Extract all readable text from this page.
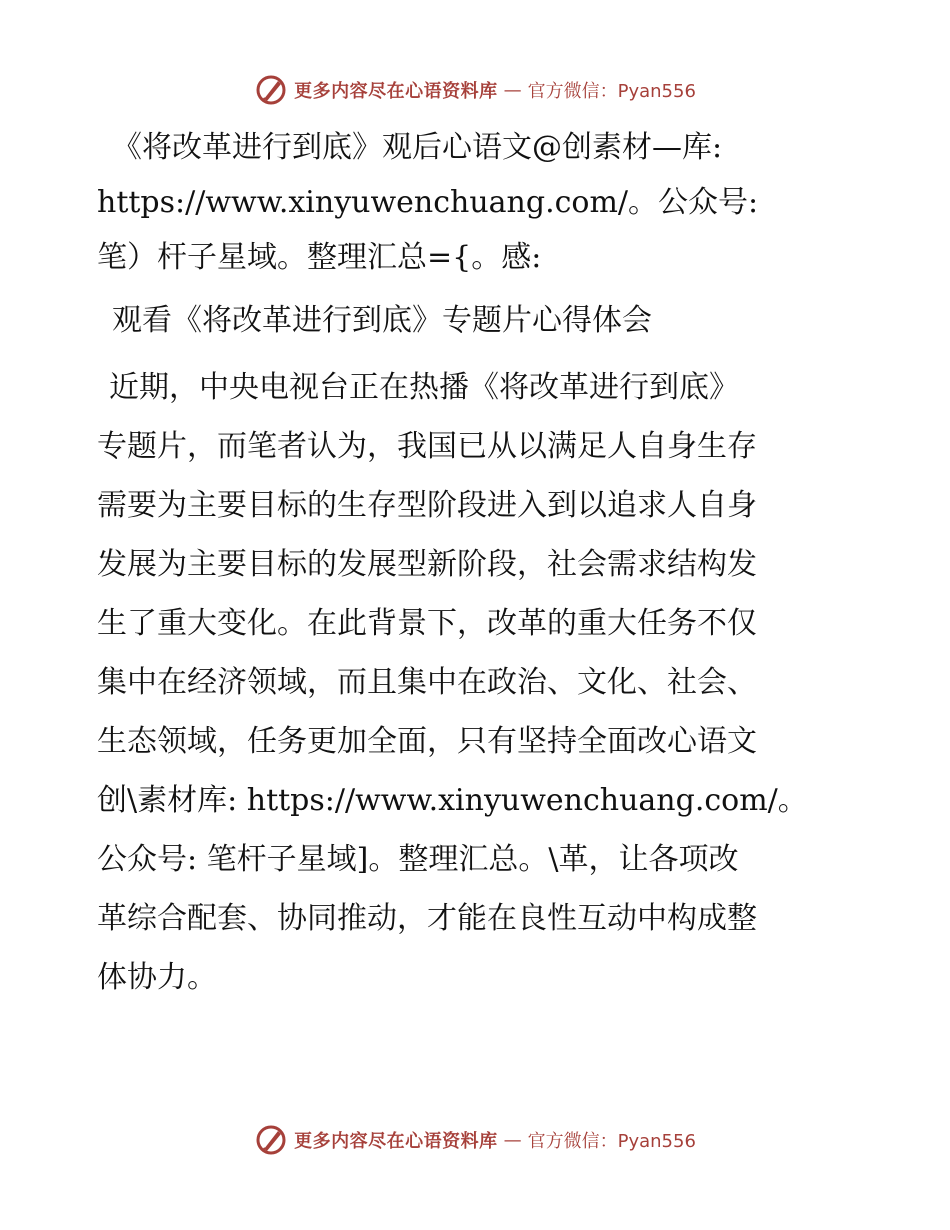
更多内容尽在心语资料库 — 官方微信：Pyan556
《将改革进行到底》观后心语文@创素材—库:
https://www.xinyuwenchuang.com/。公众号:
笔）杆子星域。整理汇总={。感:
观看《将改革进行到底》专题片心得体会
近期，中央电视台正在热播《将改革进行到底》
专题片，而笔者认为，我国已从以满足人自身生存
需要为主要目标的生存型阶段进入到以追求人自身
发展为主要目标的发展型新阶段，社会需求结构发
生了重大变化。在此背景下，改革的重大任务不仅
集中在经济领域，而且集中在政治、文化、社会、
生态领域，任务更加全面，只有坚持全面改心语文
创\素材库: https://www.xinyuwenchuang.com/。
公众号: 笔杆子星域]。整理汇总。\革，让各项改
革综合配套、协同推动，才能在良性互动中构成整
体协力。
更多内容尽在心语资料库 — 官方微信：Pyan556
